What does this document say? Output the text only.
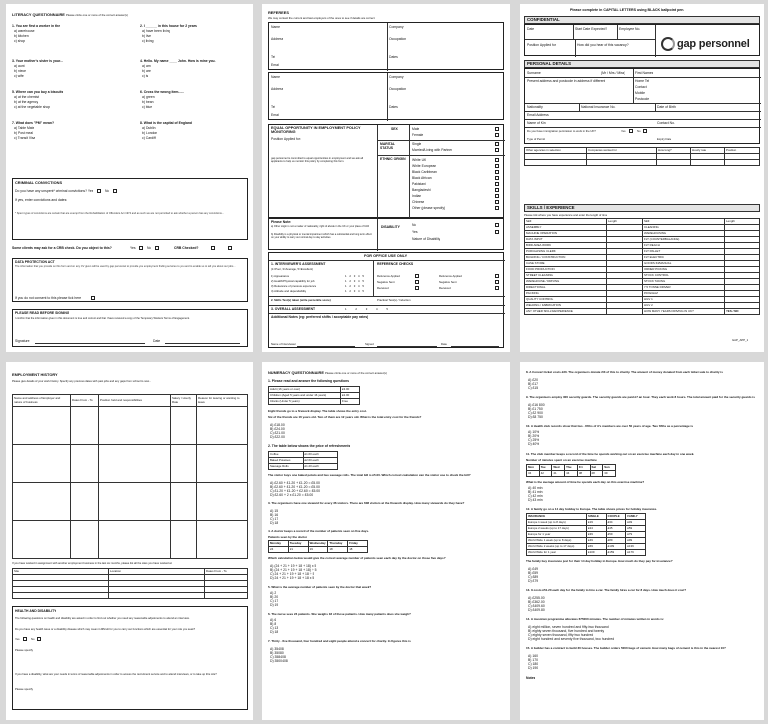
LITERACY QUESTIONNAIRE Please circle one or more of the correct answer(s)
1. You are first a worker in the
a) warehouse
b) kitchen
c) shop
2. I ______ in this house for 2 years
a) have been living
b) live
c) living
3. Your mother's sister is your...
a) aunt
b) niece
c) wife
4. Hello. My name ____ John. How is mine you.
a) am
b) are
c) is
5. Where can you buy a biscuits
a) at the chemist
b) at the agency
c) at the vegetable shop
6. Cross the wrong item......
a) green
b) bean
c) blue
7. What does "PM" mean?
a) Table Mate
b) Post meal
c) Transit Visa
8. What is the capital of England
a) Dublin
b) London
c) Cardiff
CRIMINAL CONVICTIONS
Do you have any unspent* criminal convictions? Yes	No
If yes, enter convictions and dates:
* Spent types of convictions are certain that are exempt from the Rehabilitation of Offenders Act 1974 and as such we are not permitted to ask whether a person has any convictions...
Some clients may ask for a CRB check. Do you object to this?	Yes	No	CRB Checked?
DATA PROTECTION ACT
The information that you provide on this form and on any CV given will be used by gap personnel to provide you employment finding services to you and to enable us to tell you about our jobs...
If you do not consent to this please tick here
PLEASE READ BEFORE SIGNING
I confirm that the information given in this document is true and correct and that I have received a copy of the Temporary Workers Terms of Engagement.
Signature	Date
REFEREES
We may contact the current and last employers of the ones to see if details are correct
Name	Company
Address	Occupation
Tel	Dates
Email
Name	Company
Address	Occupation
Tel	Dates
Email
EQUAL OPPORTUNITY IN EMPLOYMENT POLICY MONITORING
Position Applied for:
gap personnel is committed to equal opportunities in employment and we ask all applicants to help us monitor this policy by completing this form.
SEX	Male
Female
MARITAL STATUS
Single
Married/Living with Partner
ETHNIC ORIGIN	White UK
White European
Black Caribbean
Black African
Pakistani
Bangladeshi
Indian
Chinese
Other (please specify)
Please Note:
a) Other origin is not a matter of nationality, right of abode in the UK or your place of birth
b) Disability is a physical or mental impairment which has a substantial and long term effect on your ability to carry out normal day to day activities
DISABILITY	No
Yes
Nature of Disability
FOR OFFICE USE ONLY
1. INTERVIEWER'S ASSESSMENT
(1=Poor, 3=Average, 5=Excellent)
1) Appearance
2) Health/Physical capability for job
3) Relevance of previous experience
4) Attitude and dependability
1 2 3 4 5
1 2 3 4 5
1 2 3 4 5
1 2 3 4 5
REFERENCE CHECKS
Reference Applied
Negative Sent
Received
Reference Applied
Negative Sent
Received
2. Skills Test(s) taken (write percentile score)	Practical Test(s) / Induction
3. OVERALL ASSESSMENT	1	2	3	4	5
Additional Notes (eg: preferred shifts / acceptable pay rates)
Name of Interviewer	Signed	Date
Please complete in CAPITAL LETTERS using BLACK ballpoint pen.
CONFIDENTIAL
Date	Start Date Expected?	Employee No.
Position Applied for	How did you hear of this vacancy?	gap personnel
PERSONAL DETAILS
Surname	(Mr / Mrs / Miss)	First Names
Present address and postcode in address if different	Home Tel
Contact
Mobile
Postcode
Nationality	National Insurance No.	Date of Birth
Email Address
Name of Kin	Contact No.
Do you have immigration permission to work in the UK?	Yes	No
Type of Permit	Expiry Date
Other agencies in selection	Companies worked for	How long?	Hourly rate	Position

SKILLS / EXPERIENCE
Please tick where you have experience and enter the length of time
Skill	Length	Skill	Length
ASSEMBLY		CLEANING	
MACHINE OPERATION		WAREHOUSING	
DATA INPUT		FLT (COUNTERBALANCE)	
BIRD AREA WORK		FLT REACH	
PURCHASING CLERK		FLT PALLET	
BUILDING / CONSTRUCTION		FLT ELECTRIC	
CASE STORE		GOODS IN/MANUAL	
FOOD PRODUCTION		ORDER PICKING	
STREET CLEANING		STOCK CONTROL	
WAREHOUSE / DRIVING		STOCK TAKING	
DIRECTIONAL		7.5 TONNE DRIVER	
PACKING		PAYE/HAZ	
QUALITY CONTROL		HGV 1	
WELDING / FABRICATION		HGV 2	
ANY OTHER SKILLS/EXPERIENCE		HOW MANY YEARS DRIVING IN UK?	YES / NO
GAP_APP_1
EMPLOYMENT HISTORY
Please give details of your work history. Specify any previous dates with past jobs and any gaps from school to now...
Name and address of Employer and nature of business	Dates From - To	Position held and responsibilities	Salary / Hourly Rate	Reason for leaving or wanting to leave

If you have worked in assignment with another employment business in the last six months, please list all the sites you have worked at:
Site	Location	Dates From - To

HEALTH AND DISABILITY
The following questions on health and disability are asked in order to find out whether you need any reasonable adjustments to attend an interview.
Do you have any health issue or a disability disease which may mean it difficult for you to carry out functions which are essential for your role you seek?
Yes	No
Please specify
If you have a disability, what are your needs in terms of reasonable adjustments in order to access the recruitment service and to attend interviews, or to take up this role?
Please specify
NUMERACY QUESTIONNAIRE Please circle one or more of the correct answer(s)
1. Please read and answer the following questions
Adult (16 years or over)	£3.00
Children (Aged 5 years and under 16 years)	£2.00
Infants (Under 5 years)	Free
Eight friends go to a firework display. The table shows the entry cost.
Six of the friends are 16 years old. Two of them are 12 years old. What is the total entry cost for the friends?
A) £18.00
B) £24.00
C) £21.00
D) £22.00
2. The table below shows the price of refreshments
Coffee	£1.60 each
Baked Potatoes	£2.60 each
Sausage Rolls	£1.20 each
The visitor buys one baked potato and two sausage rolls. The total bill is £5.00. Which correct calculation can the visitor use to check the bill?
A) £2.60 + £1.20 + £1.20 = £5.00
B) £2.60 + £1.20 + £1.20 = £5.00
C) £1.20 + £1.20 + £2.60 = £5.00
D) £2.60 + 2 x £1.20 = £5.00
3. The organisers have one steward for every 36 visitors. There are 608 visitors at the firework display. How many stewards do they have?
A) 15
B) 16
C) 17
D) 18
4. A doctor keeps a record of the number of patients seen on five days.
Patients seen by the doctor
Monday	Tuesday	Wednesday	Thursday	Friday
24	21	19	18	18
Which calculation below would give the correct average number of patients seen each day by the doctor on those five days?
A) (24 + 21 + 19 + 18 + 18) x 5
B) (24 + 21 + 19 + 18 + 18) ÷ 5
C) 24 + 21 + 19 + 18 + 18 ÷ 5
D) 24 + 21 + 19 + 18 + 18 x 5
5. What is the average number of patients seen by the doctor that week?
A) 2
B) 20
C) 17
D) 19
6. The nurse sees 24 patients. She weighs 18 of those patients. How many patients does she weigh?
A) 6
B) 8
C) 13
D) 18
7. Thirty - five thousand, four hundred and eight people attend a concert for charity. In figures this is
A) 35408
B) 35080
C) 358408
D) 3500408
8. A Concert ticket costs £30. The organisers donate 2/3 of this to charity. The amount of money donated from each ticket sale to charity is
A) £20
B) £17
C) £15
9. The organisers employ 300 security guards. The security guards are paid £7 an hour. They each work 8 hours. The total amount paid for the security guards is
A) £16 800
B) £1 750
C) £2 900
D) £8 750
10. A Health club records show that two - fifths of it's members are over 50 years of age. Two fifths as a percentage is
A) 10%
B) 20%
C) 25%
D) 40%
11. The club member keeps a record of the time he spends working out on an exercise machine each day in one week.
Number of minutes spent on an exercise machine
Mon	Tue	Wed	Thu	Fri	Sat	Sun
34	42	41	44	38	28	39
What is the average amount of time he spends each day on this exercise machine?
A) 40 min
B) 41 min
C) 42 min
D) 43 min
12. A family go on a 14 day holiday to Europe. The table shows prices for holiday insurance.
INSURANCE	SINGLE	COUPLE	FAMILY
Europe 1 week (up to 8 days)	£19	£34	£49
Europe 2 weeks (up to 17 days)	£24	£45	£59
Europe for 1 year	£39	£59	£79
World Wide 1 week (up to 8 days)	£49	£89	£99
World Wide 2 weeks (up to 17 days)	£69	£109	£139
World Wide for 1 year	£109	£159	£179
The family buy insurance just for their 14 day holiday in Europe. How much do they pay for insurance?
A) £49
B) £59
C) £89
D) £79
13. It costs £51.20 each day for the family to hire a car. The family hires a car for 8 days. How much does it cost?
A) £255.00
B) £362.00
C) £409.60
D) £409.80
14. A musician programme allocates 675000 minutes. The number of minutes written in words is:
A) eight million, seven hundred and fifty-two thousand
B) eighty seven thousand, five hundred and twenty
C) eighty seven thousand, fifty two hundred
D) eight hundred and seventy five thousand, two hundred
15. A builder has a contract to build 30 houses. The builder orders 5000 bags of cement. How many bags of cement is this in the nearest 10?
A) 160
B) 170
C) 180
D) 190
Notes
